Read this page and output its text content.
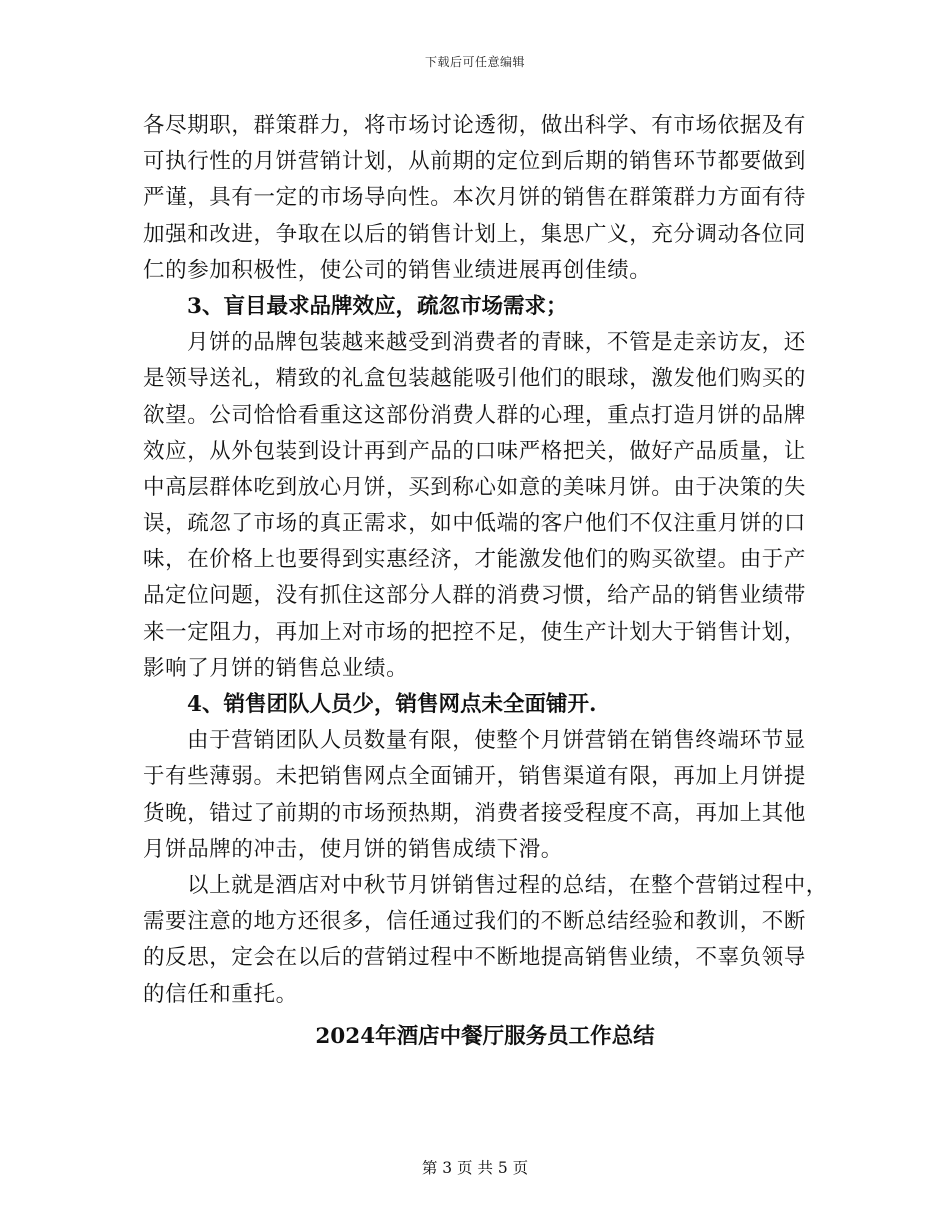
下载后可任意编辑
各尽期职，群策群力，将市场讨论透彻，做出科学、有市场依据及有
可执行性的月饼营销计划，从前期的定位到后期的销售环节都要做到
严谨，具有一定的市场导向性。本次月饼的销售在群策群力方面有待
加强和改进，争取在以后的销售计划上，集思广义，充分调动各位同
仁的参加积极性，使公司的销售业绩进展再创佳绩。
3、盲目最求品牌效应，疏忽市场需求；
月饼的品牌包装越来越受到消费者的青睐，不管是走亲访友，还
是领导送礼，精致的礼盒包装越能吸引他们的眼球，激发他们购买的
欲望。公司恰恰看重这这部份消费人群的心理，重点打造月饼的品牌
效应，从外包装到设计再到产品的口味严格把关，做好产品质量，让
中高层群体吃到放心月饼，买到称心如意的美味月饼。由于决策的失
误，疏忽了市场的真正需求，如中低端的客户他们不仅注重月饼的口
味，在价格上也要得到实惠经济，才能激发他们的购买欲望。由于产
品定位问题，没有抓住这部分人群的消费习惯，给产品的销售业绩带
来一定阻力，再加上对市场的把控不足，使生产计划大于销售计划，
影响了月饼的销售总业绩。
4、销售团队人员少，销售网点未全面铺开.
由于营销团队人员数量有限，使整个月饼营销在销售终端环节显
于有些薄弱。未把销售网点全面铺开，销售渠道有限，再加上月饼提
货晚，错过了前期的市场预热期，消费者接受程度不高，再加上其他
月饼品牌的冲击，使月饼的销售成绩下滑。
以上就是酒店对中秋节月饼销售过程的总结，在整个营销过程中，
需要注意的地方还很多，信任通过我们的不断总结经验和教训，不断
的反思，定会在以后的营销过程中不断地提高销售业绩，不辜负领导
的信任和重托。
2024年酒店中餐厅服务员工作总结
第 3 页 共 5 页
